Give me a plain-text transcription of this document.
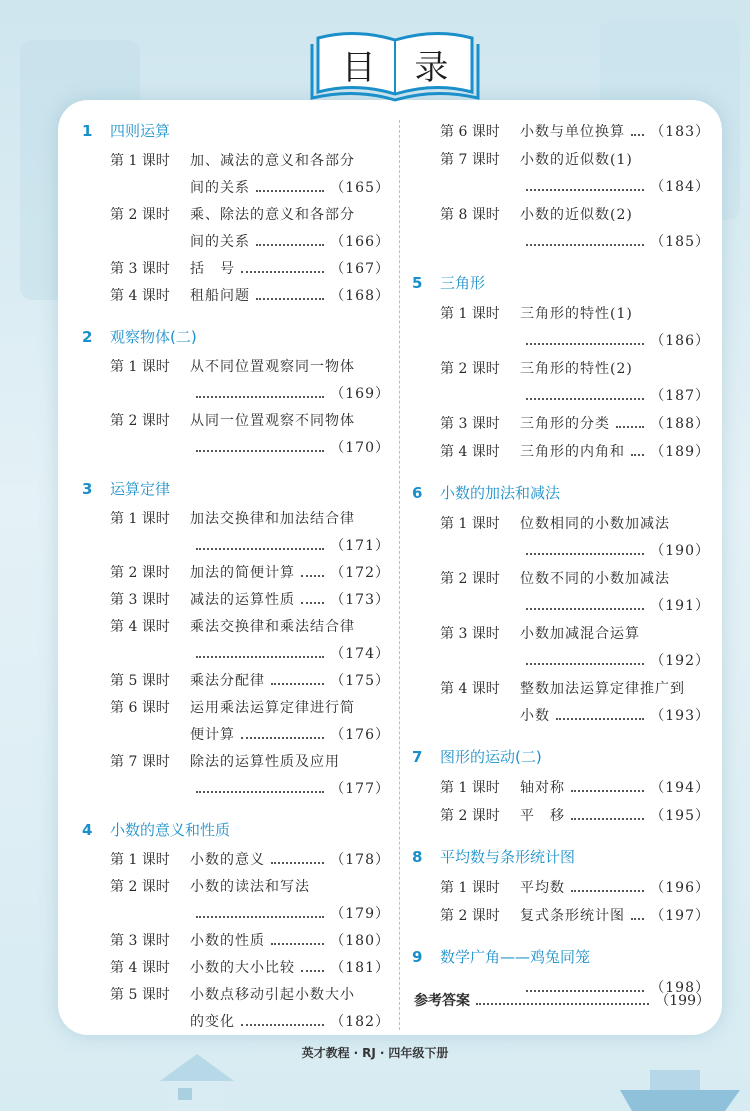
目 录
1	四则运算
第 1 课时	加、减法的意义和各部分
间的关系	（165）
第 2 课时	乘、除法的意义和各部分
间的关系	（166）
第 3 课时	括　号	（167）
第 4 课时	租船问题	（168）
2	观察物体(二)
第 1 课时	从不同位置观察同一物体
（169）
第 2 课时	从同一位置观察不同物体
（170）
3	运算定律
第 1 课时	加法交换律和加法结合律
（171）
第 2 课时	加法的简便计算	（172）
第 3 课时	减法的运算性质	（173）
第 4 课时	乘法交换律和乘法结合律
（174）
第 5 课时	乘法分配律	（175）
第 6 课时	运用乘法运算定律进行简
便计算	（176）
第 7 课时	除法的运算性质及应用
（177）
4	小数的意义和性质
第 1 课时	小数的意义	（178）
第 2 课时	小数的读法和写法
（179）
第 3 课时	小数的性质	（180）
第 4 课时	小数的大小比较	（181）
第 5 课时	小数点移动引起小数大小
的变化	（182）
第 6 课时	小数与单位换算 （183）
第 7 课时	小数的近似数(1)
（184）
第 8 课时	小数的近似数(2)
（185）
5	三角形
第 1 课时	三角形的特性(1)
（186）
第 2 课时	三角形的特性(2)
（187）
第 3 课时	三角形的分类	（188）
第 4 课时	三角形的内角和 （189）
6	小数的加法和减法
第 1 课时	位数相同的小数加减法
（190）
第 2 课时	位数不同的小数加减法
（191）
第 3 课时	小数加减混合运算
（192）
第 4 课时	整数加法运算定律推广到
小数	（193）
7	图形的运动(二)
第 1 课时	轴对称	（194）
第 2 课时	平　移	（195）
8	平均数与条形统计图
第 1 课时	平均数	（196）
第 2 课时	复式条形统计图 （197）
9	数学广角——鸡兔同笼
（198）
参考答案	（199）
英才教程 · RJ · 四年级下册
